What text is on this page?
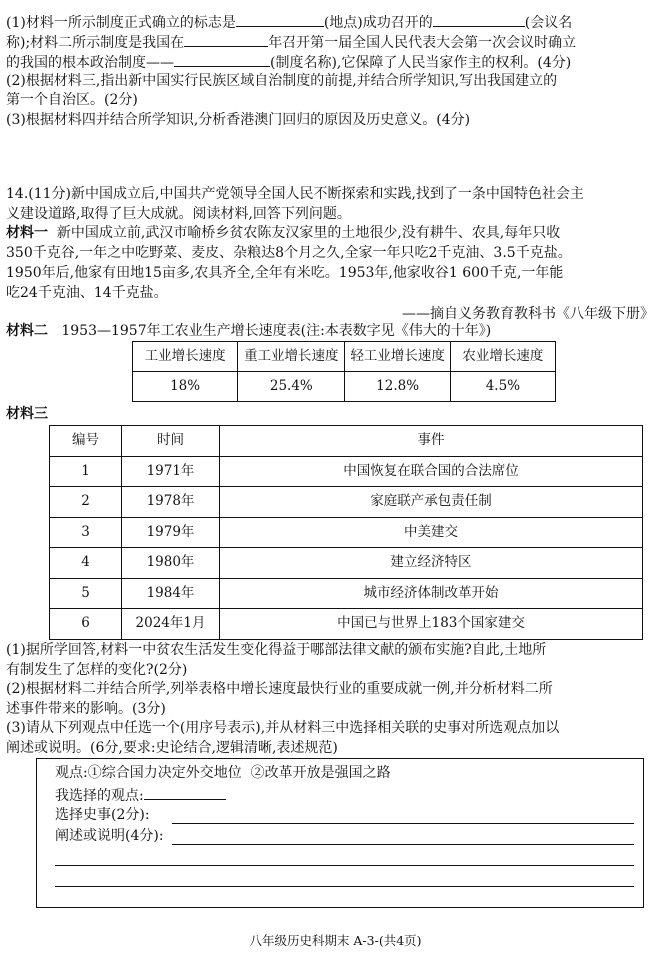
(1)材料一所示制度正式确立的标志是	(地点)成功召开的	(会议名
称);材料二所示制度是我国在	年召开第一届全国人民代表大会第一次会议时确立
的我国的根本政治制度——	(制度名称),它保障了人民当家作主的权利。(4分)
(2)根据材料三,指出新中国实行民族区域自治制度的前提,并结合所学知识,写出我国建立的
第一个自治区。(2分)
(3)根据材料四并结合所学知识,分析香港澳门回归的原因及历史意义。(4分)
14.(11分)新中国成立后,中国共产党领导全国人民不断探索和实践,找到了一条中国特色社会主
义建设道路,取得了巨大成就。阅读材料,回答下列问题。
材料一 新中国成立前,武汉市喻桥乡贫农陈友汉家里的土地很少,没有耕牛、农具,每年只收
350千克谷,一年之中吃野菜、麦皮、杂粮达8个月之久,全家一年只吃2千克油、3.5千克盐。
1950年后,他家有田地15亩多,农具齐全,全年有米吃。1953年,他家收谷1 600千克,一年能
吃24千克油、14千克盐。
——摘自义务教育教科书《八年级下册》
材料二 1953—1957年工农业生产增长速度表(注:本表数字见《伟大的十年》)
工业增长速度	重工业增长速度	轻工业增长速度	农业增长速度
18%	25.4%	12.8%	4.5%
材料三
编号	时间	事件
1	1971年	中国恢复在联合国的合法席位
2	1978年	家庭联产承包责任制
3	1979年	中美建交
4	1980年	建立经济特区
5	1984年	城市经济体制改革开始
6	2024年1月	中国已与世界上183个国家建交
(1)据所学回答,材料一中贫农生活发生变化得益于哪部法律文献的颁布实施?自此,土地所
有制发生了怎样的变化?(2分)
(2)根据材料二并结合所学,列举表格中增长速度最快行业的重要成就一例,并分析材料二所
述事件带来的影响。(3分)
(3)请从下列观点中任选一个(用序号表示),并从材料三中选择相关联的史事对所选观点加以
阐述或说明。(6分,要求:史论结合,逻辑清晰,表述规范)
观点:①综合国力决定外交地位  ②改革开放是强国之路
我选择的观点:
选择史事(2分):
阐述或说明(4分):
八年级历史科期末 A-3-(共4页)
